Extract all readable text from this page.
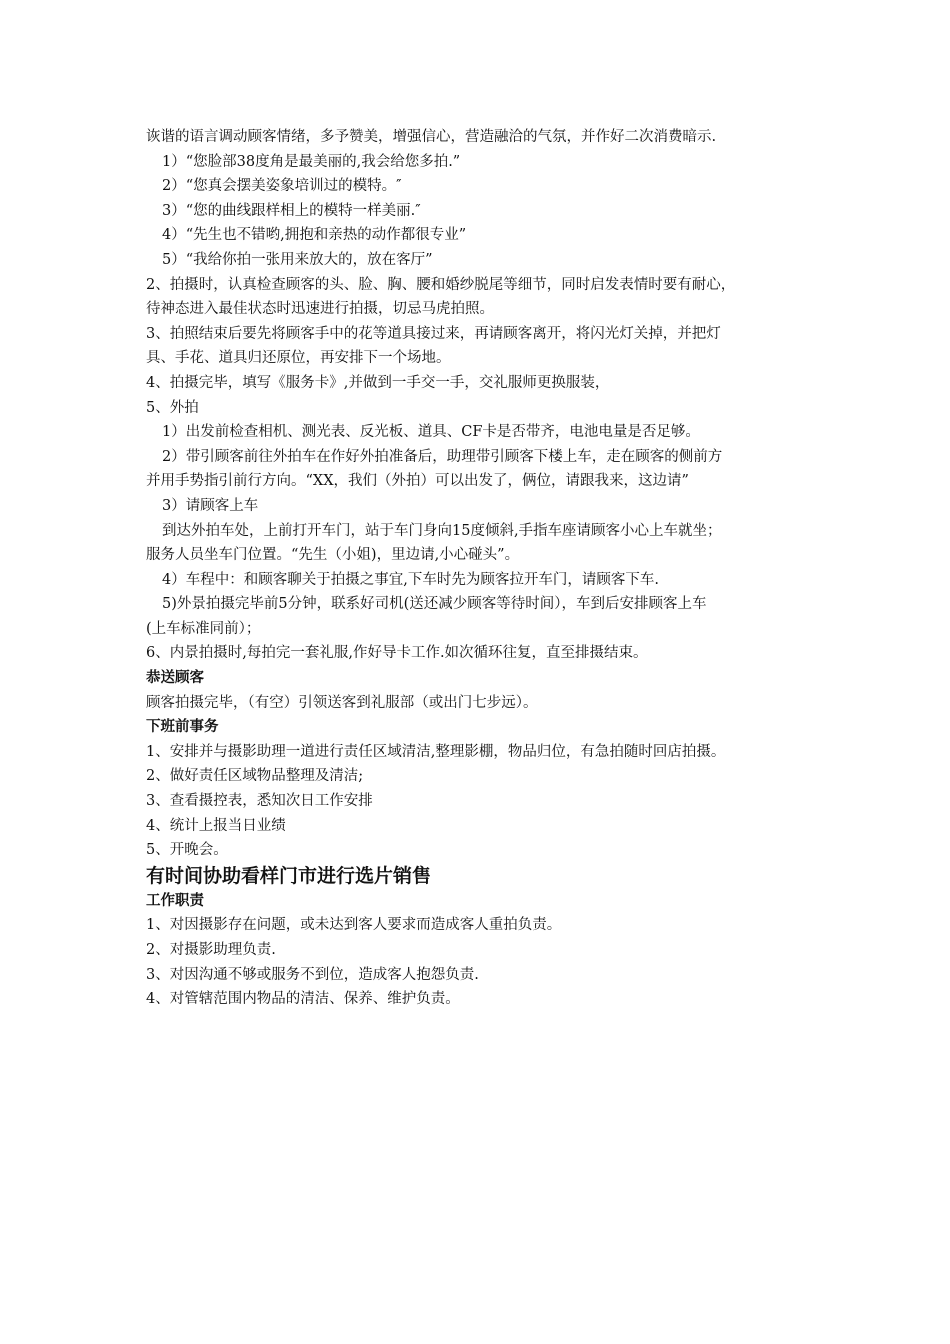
诙谐的语言调动顾客情绪，多予赞美，增强信心，营造融洽的气氛，并作好二次消费暗示.
1）“您脸部38度角是最美丽的,我会给您多拍.”
2）“您真会摆美姿象培训过的模特。″
3）“您的曲线跟样相上的模特一样美丽.″
4）“先生也不错哟,拥抱和亲热的动作都很专业”
5）“我给你拍一张用来放大的，放在客厅”
2、拍摄时，认真检查顾客的头、脸、胸、腰和婚纱脱尾等细节，同时启发表情时要有耐心，
待神态进入最佳状态时迅速进行拍摄，切忌马虎拍照。
3、拍照结束后要先将顾客手中的花等道具接过来，再请顾客离开，将闪光灯关掉，并把灯
具、手花、道具归还原位，再安排下一个场地。
4、拍摄完毕，填写《服务卡》,并做到一手交一手，交礼服师更换服装，
5、外拍
1）出发前检查相机、测光表、反光板、道具、CF卡是否带齐，电池电量是否足够。
2）带引顾客前往外拍车在作好外拍准备后，助理带引顾客下楼上车，走在顾客的侧前方
并用手势指引前行方向。“XX，我们（外拍）可以出发了，俩位，请跟我来，这边请”
3）请顾客上车
到达外拍车处，上前打开车门，站于车门身向15度倾斜,手指车座请顾客小心上车就坐；
服务人员坐车门位置。“先生（小姐)，里边请,小心碰头”。
4）车程中：和顾客聊关于拍摄之事宜,下车时先为顾客拉开车门，请顾客下车.
5)外景拍摄完毕前5分钟，联系好司机(送还减少顾客等待时间），车到后安排顾客上车
(上车标准同前）；
6、内景拍摄时,每拍完一套礼服,作好导卡工作.如次循环往复，直至排摄结束。
恭送顾客
顾客拍摄完毕，（有空）引领送客到礼服部（或出门七步远）。
下班前事务
1、安排并与摄影助理一道进行责任区域清洁,整理影棚，物品归位，有急拍随时回店拍摄。
2、做好责任区域物品整理及清洁;
3、查看摄控表，悉知次日工作安排
4、统计上报当日业绩
5、开晚会。
有时间协助看样门市进行选片销售
工作职责
1、对因摄影存在问题，或未达到客人要求而造成客人重拍负责。
2、对摄影助理负责.
3、对因沟通不够或服务不到位，造成客人抱怨负责.
4、对管辖范围内物品的清洁、保养、维护负责。
